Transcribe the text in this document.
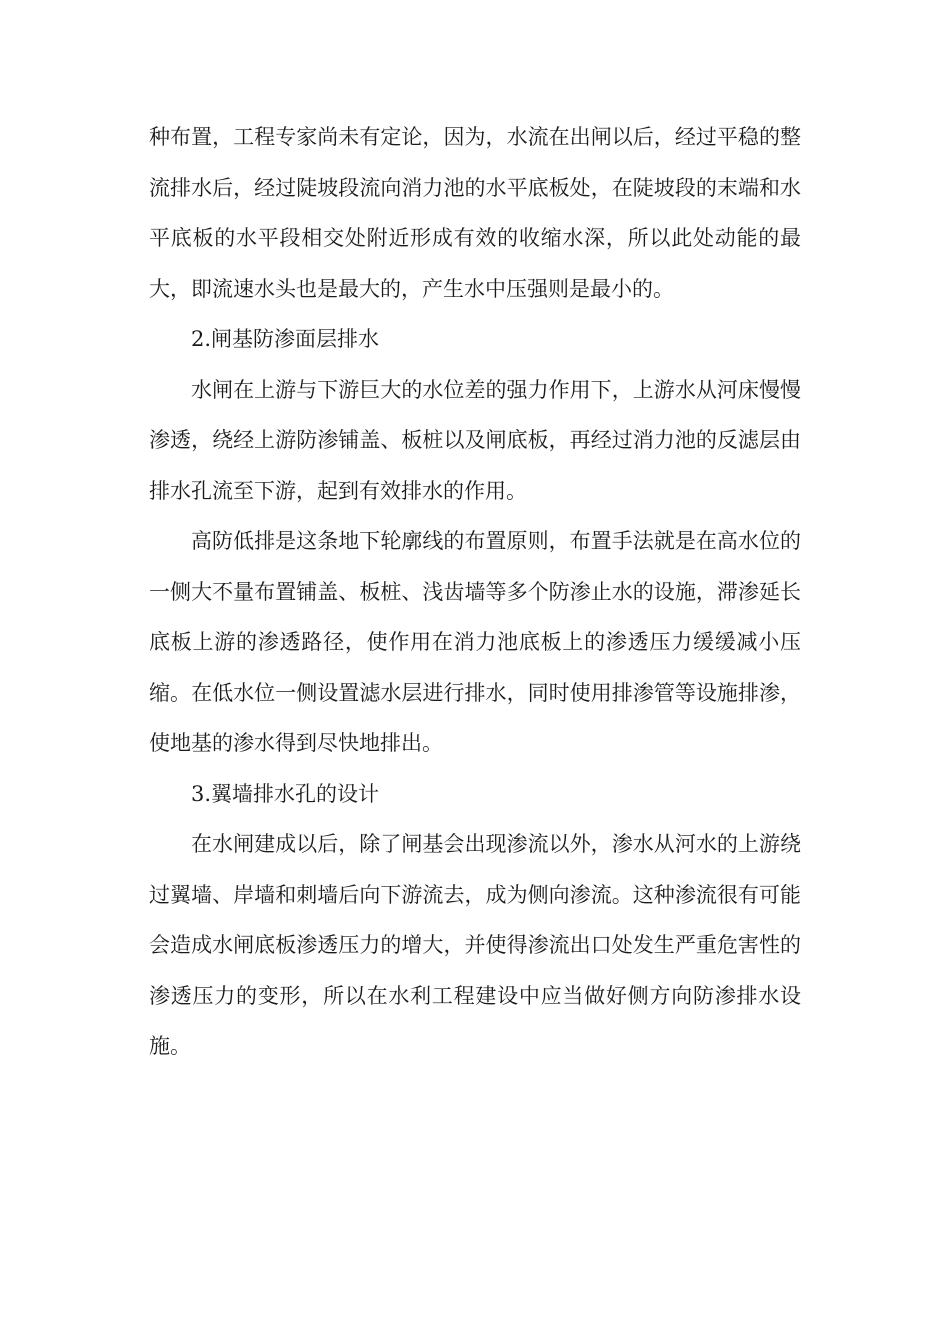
种布置，工程专家尚未有定论，因为，水流在出闸以后，经过平稳的整流排水后，经过陡坡段流向消力池的水平底板处，在陡坡段的末端和水平底板的水平段相交处附近形成有效的收缩水深，所以此处动能的最大，即流速水头也是最大的，产生水中压强则是最小的。

2.闸基防渗面层排水

水闸在上游与下游巨大的水位差的强力作用下，上游水从河床慢慢渗透，绕经上游防渗铺盖、板桩以及闸底板，再经过消力池的反滤层由排水孔流至下游，起到有效排水的作用。

高防低排是这条地下轮廓线的布置原则，布置手法就是在高水位的一侧大不量布置铺盖、板桩、浅齿墙等多个防渗止水的设施，滞渗延长底板上游的渗透路径，使作用在消力池底板上的渗透压力缓缓减小压缩。在低水位一侧设置滤水层进行排水，同时使用排渗管等设施排渗，使地基的渗水得到尽快地排出。

3.翼墙排水孔的设计

在水闸建成以后，除了闸基会出现渗流以外，渗水从河水的上游绕过翼墙、岸墙和刺墙后向下游流去，成为侧向渗流。这种渗流很有可能会造成水闸底板渗透压力的增大，并使得渗流出口处发生严重危害性的渗透压力的变形，所以在水利工程建设中应当做好侧方向防渗排水设施。
